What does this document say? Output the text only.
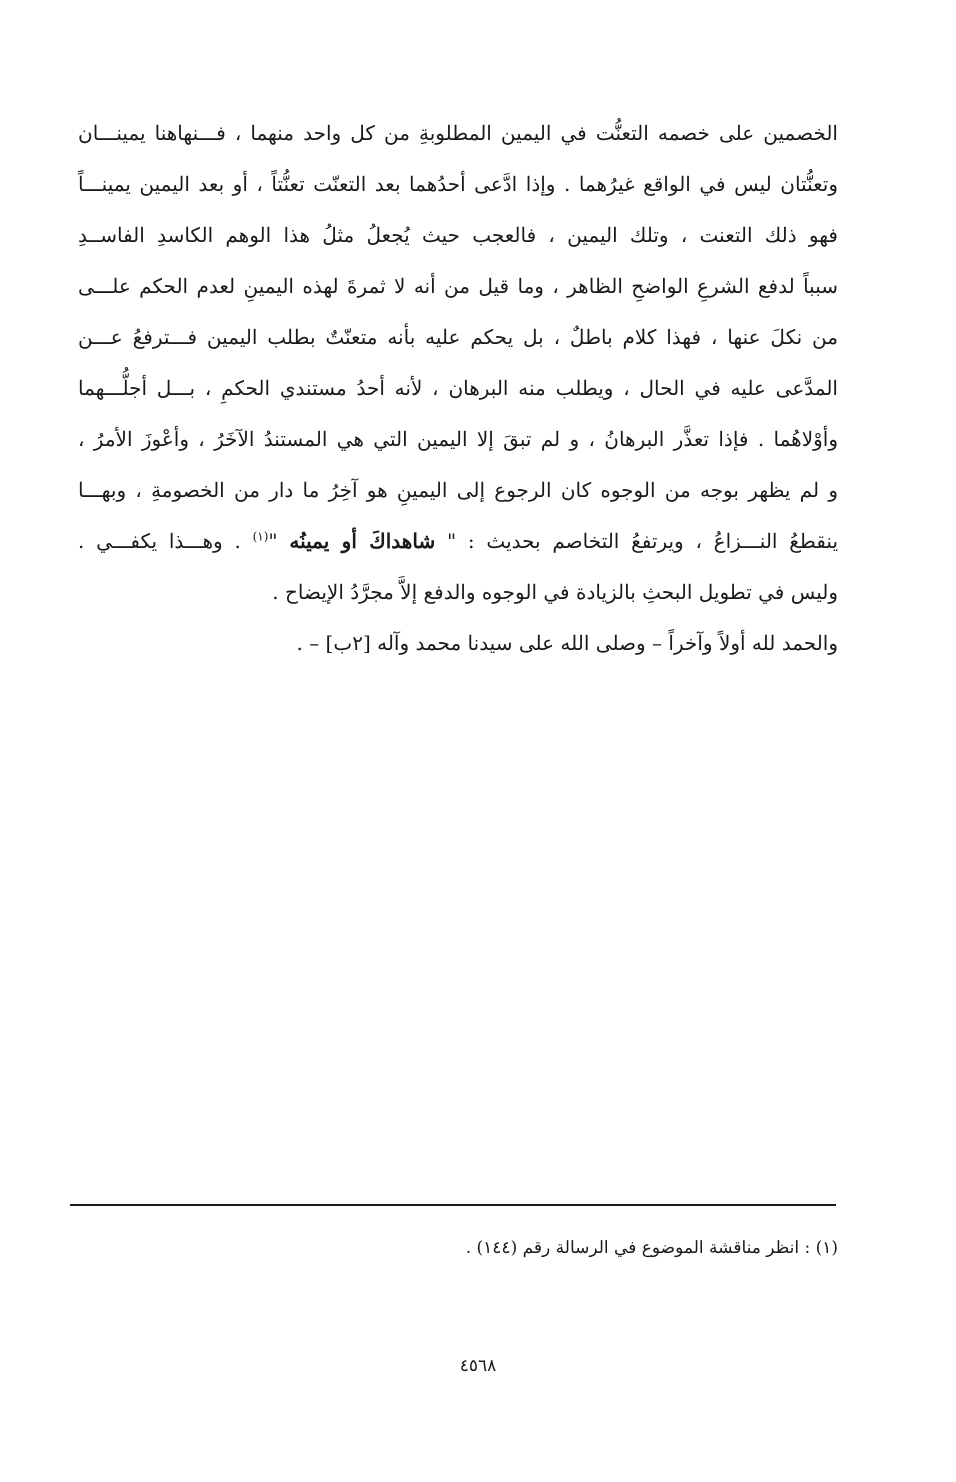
الخصمين على خصمه التعنُّت في اليمين المطلوبةِ من كل واحد منهما ، فـــنهاهنا يمينـــان
وتعنُّتان ليس في الواقع غيرُهما . وإذا ادَّعى أحدُهما بعد التعنّت تعنُّتاً ، أو بعد اليمين يمينـــاً
فهو ذلك التعنت ، وتلك اليمين ، فالعجب حيث يُجعلُ مثلُ هذا الوهم الكاسدِ الفاســدِ
سبباً لدفع الشرعِ الواضحِ الظاهر ، وما قيل من أنه لا ثمرةَ لهذه اليمينِ لعدم الحكم علـــى
من نكلَ عنها ، فهذا كلام باطلٌ ، بل يحكم عليه بأنه متعنّتٌ بطلب اليمين فـــترفعُ عـــن
المدَّعى عليه في الحال ، ويطلب منه البرهان ، لأنه أحدُ مستندي الحكمِ ، بـــل أجلُّـــهما
وأوْلاهُما . فإذا تعذَّر البرهانُ ، و لم تبقَ إلا اليمين التي هي المستندُ الآخَرُ ، وأعْوزَ الأمرُ ،
و لم يظهر بوجه من الوجوه كان الرجوع إلى اليمينِ هو آخِرُ ما دار من الخصومةِ ، وبهـــا
ينقطعُ النـــزاعُ ، ويرتفعُ التخاصم بحديث : " شاهداكَ أو يمينُه "$^{(١)}$ . وهـــذا يكفـــي .
وليس في تطويل البحثِ بالزيادة في الوجوه والدفع إلاَّ مجرَّدُ الإيضاح .
والحمد لله أولاً وآخراً – وصلى الله على سيدنا محمد وآله [٢ب] – .
(١) : انظر مناقشة الموضوع في الرسالة رقم (١٤٤) .
٤٥٦٨
